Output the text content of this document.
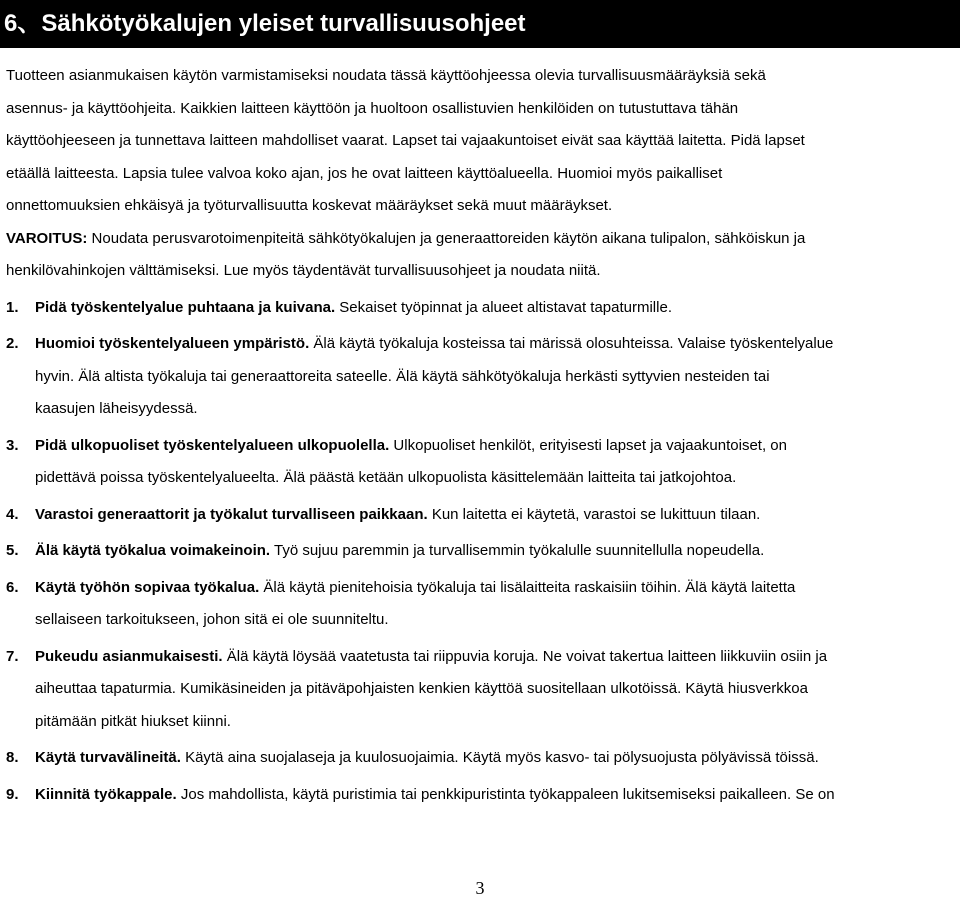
6、Sähkötyökalujen yleiset turvallisuusohjeet
Tuotteen asianmukaisen käytön varmistamiseksi noudata tässä käyttöohjeessa olevia turvallisuusmääräyksiä sekä
asennus- ja käyttöohjeita. Kaikkien laitteen käyttöön ja huoltoon osallistuvien henkilöiden on tutustuttava tähän
käyttöohjeeseen ja tunnettava laitteen mahdolliset vaarat. Lapset tai vajaakuntoiset eivät saa käyttää laitetta. Pidä lapset
etäällä laitteesta. Lapsia tulee valvoa koko ajan, jos he ovat laitteen käyttöalueella. Huomioi myös paikalliset
onnettomuuksien ehkäisyä ja työturvallisuutta koskevat määräykset sekä muut määräykset.
VAROITUS: Noudata perusvarotoimenpiteitä sähkötyökalujen ja generaattoreiden käytön aikana tulipalon, sähköiskun ja
henkilövahinkojen välttämiseksi. Lue myös täydentävät turvallisuusohjeet ja noudata niitä.
1. Pidä työskentelyalue puhtaana ja kuivana. Sekaiset työpinnat ja alueet altistavat tapaturmille.
2. Huomioi työskentelyalueen ympäristö. Älä käytä työkaluja kosteissa tai märissä olosuhteissa. Valaise työskentelyalue
hyvin. Älä altista työkaluja tai generaattoreita sateelle. Älä käytä sähkötyökaluja herkästi syttyvien nesteiden tai
kaasujen läheisyydessä.
3. Pidä ulkopuoliset työskentelyalueen ulkopuolella. Ulkopuoliset henkilöt, erityisesti lapset ja vajaakuntoiset, on
pidettävä poissa työskentelyalueelta. Älä päästä ketään ulkopuolista käsittelemään laitteita tai jatkojohtoa.
4. Varastoi generaattorit ja työkalut turvalliseen paikkaan. Kun laitetta ei käytetä, varastoi se lukittuun tilaan.
5. Älä käytä työkalua voimakeinoin. Työ sujuu paremmin ja turvallisemmin työkalulle suunnitellulla nopeudella.
6. Käytä työhön sopivaa työkalua. Älä käytä pienitehoisia työkaluja tai lisälaitteita raskaisiin töihin. Älä käytä laitetta
sellaiseen tarkoitukseen, johon sitä ei ole suunniteltu.
7. Pukeudu asianmukaisesti. Älä käytä löysää vaatetusta tai riippuvia koruja. Ne voivat takertua laitteen liikkuviin osiin ja
aiheuttaa tapaturmia. Kumikäsineiden ja pitäväpohjaisten kenkien käyttöä suositellaan ulkotöissä. Käytä hiusverkkoa
pitämään pitkät hiukset kiinni.
8. Käytä turvavälineitä. Käytä aina suojalaseja ja kuulosuojaimia. Käytä myös kasvo- tai pölysuojusta pölyävissä töissä.
9. Kiinnitä työkappale. Jos mahdollista, käytä puristimia tai penkkipuristinta työkappaleen lukitsemiseksi paikalleen. Se on
3
